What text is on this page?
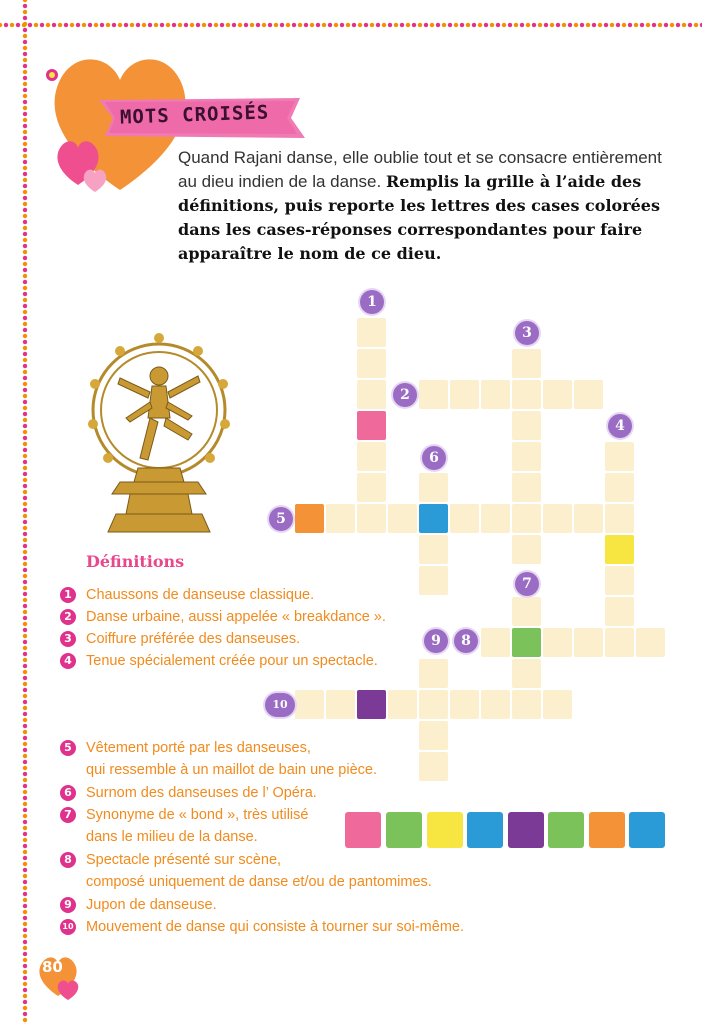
MOTS CROISÉS
Quand Rajani danse, elle oublie tout et se consacre entièrement au dieu indien de la danse. Remplis la grille à l’aide des définitions, puis reporte les lettres des cases colorées dans les cases-réponses correspondantes pour faire apparaître le nom de ce dieu.
1
2
3
4
5
6
7
9	8
10
Définitions
1 Chaussons de danseuse classique.
2 Danse urbaine, aussi appelée « breakdance ».
3 Coiffure préférée des danseuses.
4 Tenue spécialement créée pour un spectacle.
5 Vêtement porté par les danseuses,
qui ressemble à un maillot de bain une pièce.
6 Surnom des danseuses de l’ Opéra.
7 Synonyme de « bond », très utilisé
dans le milieu de la danse.
8 Spectacle présenté sur scène,
composé uniquement de danse et/ou de pantomimes.
9 Jupon de danseuse.
10 Mouvement de danse qui consiste à tourner sur soi-même.
80
